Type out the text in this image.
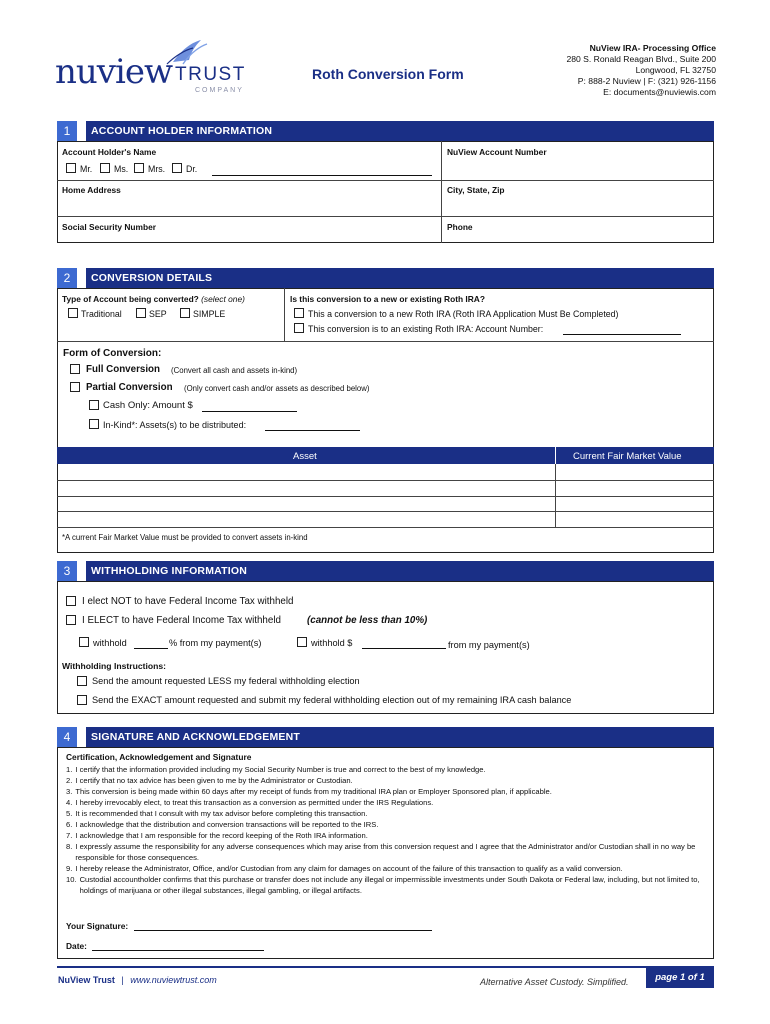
nuview TRUST
COMPANY
Roth Conversion Form
NuView IRA- Processing Office
280 S. Ronald Reagan Blvd., Suite 200
Longwood, FL 32750
P: 888-2 Nuview | F: (321) 926-1156
E: documents@nuviewis.com
1	ACCOUNT HOLDER INFORMATION
Account Holder's Name	NuView Account Number
Mr. Ms. Mrs. Dr.
Home Address	City, State, Zip
Social Security Number	Phone
2	CONVERSION DETAILS
Type of Account being converted? (select one)
Traditional	SEP	SIMPLE
Is this conversion to a new or existing Roth IRA?
This a conversion to a new Roth IRA (Roth IRA Application Must Be Completed)
This conversion is to an existing Roth IRA: Account Number:
Form of Conversion:
Full Conversion (Convert all cash and assets in-kind)
Partial Conversion (Only convert cash and/or assets as described below)
Cash Only: Amount $
In-Kind*: Assets(s) to be distributed:
Asset	Current Fair Market Value
*A current Fair Market Value must be provided to convert assets in-kind
3	WITHHOLDING INFORMATION
I elect NOT to have Federal Income Tax withheld
I ELECT to have Federal Income Tax withheld	(cannot be less than 10%)
withhold	% from my payment(s)	withhold $	from my payment(s)
Withholding Instructions:
Send the amount requested LESS my federal withholding election
Send the EXACT amount requested and submit my federal withholding election out of my remaining IRA cash balance
4	SIGNATURE AND ACKNOWLEDGEMENT
Certification, Acknowledgement and Signature
1. I certify that the information provided including my Social Security Number is true and correct to the best of my knowledge.
2. I certify that no tax advice has been given to me by the Administrator or Custodian.
3. This conversion is being made within 60 days after my receipt of funds from my traditional IRA plan or Employer Sponsored plan, if applicable.
4. I hereby irrevocably elect, to treat this transaction as a conversion as permitted under the IRS Regulations.
5. It is recommended that I consult with my tax advisor before completing this transaction.
6. I acknowledge that the distribution and conversion transactions will be reported to the IRS.
7. I acknowledge that I am responsible for the record keeping of the Roth IRA information.
8. I expressly assume the responsibility for any adverse consequences which may arise from this conversion request and I agree that the Administrator and/or Custodian shall in no way be responsible for those consequences.
9. I hereby release the Administrator, Office, and/or Custodian from any claim for damages on account of the failure of this transaction to qualify as a valid conversion.
10. Custodial accountholder confirms that this purchase or transfer does not include any illegal or impermissible investments under South Dakota or Federal law, including, but not limited to, holdings of marijuana or other illegal substances, illegal gambling, or illegal artifacts.
Your Signature:
Date:
NuView Trust | www.nuviewtrust.com	Alternative Asset Custody. Simplified.	page 1 of 1
